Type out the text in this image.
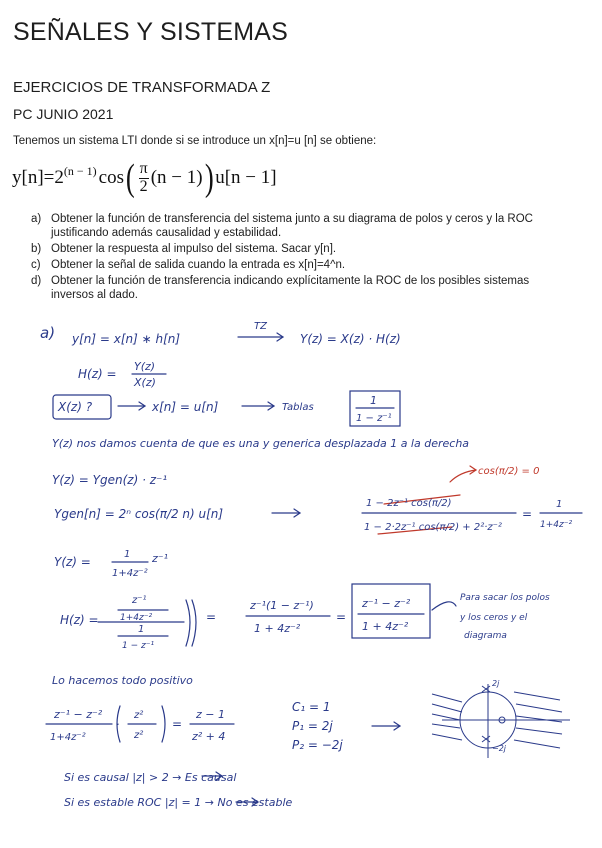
SEÑALES Y SISTEMAS
EJERCICIOS DE TRANSFORMADA Z
PC JUNIO 2021
Tenemos un sistema LTI donde si se introduce un x[n]=u [n] se obtiene:
$y[n]=2^{(n - 1)}$ cos ( $\frac{\pi}{2} (n - 1)$ ) u[n − 1]
a) Obtener la función de transferencia del sistema junto a su diagrama de polos y ceros y la ROC justificando además causalidad y estabilidad.
b) Obtener la respuesta al impulso del sistema. Sacar y[n].
c) Obtener la señal de salida cuando la entrada es x[n]=4^n.
d) Obtener la función de transferencia indicando explícitamente la ROC de los posibles sistemas inversos al dado.
a) y[n] = x[n] ∗ h[n]
TZ
Y(z) = X(z) · H(z)
H(z) =
Y(z)
X(z)
X(z) ?	x[n] = u[n]	Tablas
1
1 − z⁻¹
Y(z) nos damos cuenta de que es una y generica desplazada 1 a la derecha
Y(z) = Ygen(z) · z⁻¹
cos(π/2) = 0
Ygen[n] = 2ⁿ cos(π/2 n) u[n]
1 − 2z⁻¹ cos(π/2)
1 − 2·2z⁻¹ cos(π/2) + 2²·z⁻²
=
1
1+4z⁻²
Y(z) =
1
1+4z⁻²
z⁻¹
H(z) =
z⁻¹
1+4z⁻²
1
1 − z⁻¹
=
z⁻¹(1 − z⁻¹)
1 + 4z⁻²
=
z⁻¹ − z⁻²
1 + 4z⁻²
Para sacar los polos
y los ceros y el
diagrama
Lo hacemos todo positivo
z⁻¹ − z⁻²
1+4z⁻²
·
z²
z²
=
z − 1
z² + 4
C₁ = 1
P₁ = 2j
P₂ = −2j
2j
−2j
Si es causal |z| > 2 → Es causal
Si es estable ROC |z| = 1 → No es estable
